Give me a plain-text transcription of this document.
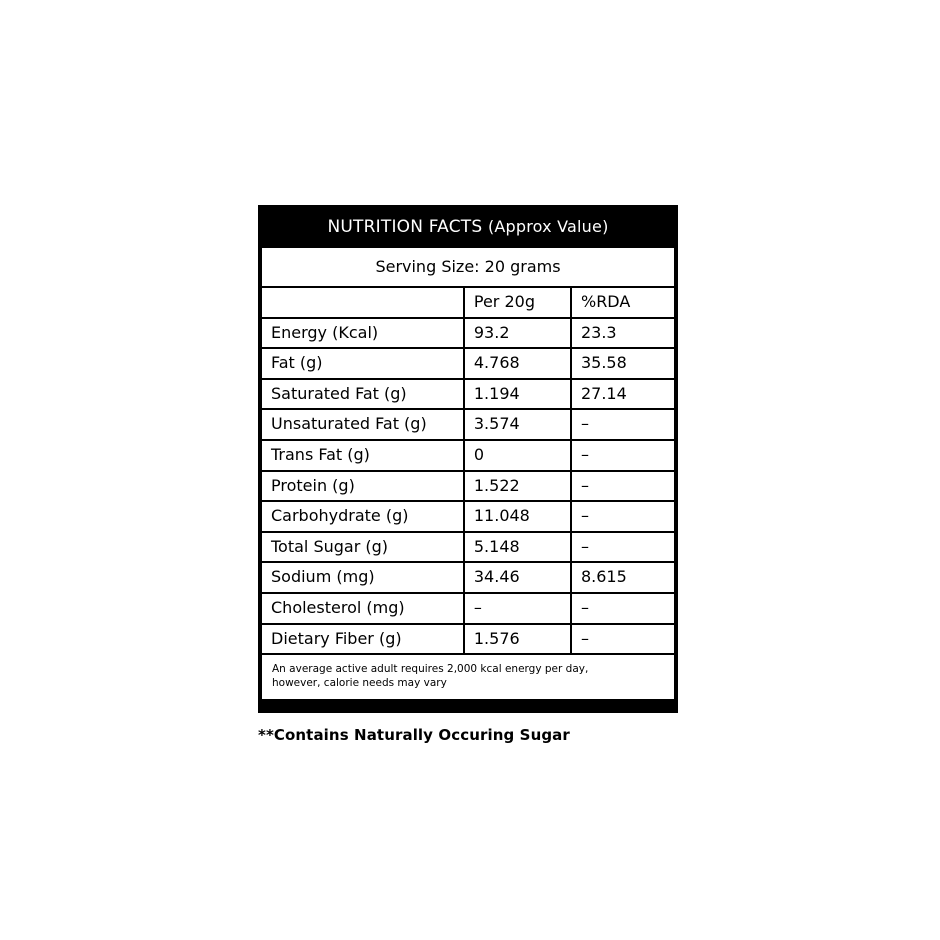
NUTRITION FACTS (Approx Value)
Serving Size: 20 grams
	Per 20g	%RDA
Energy (Kcal)	93.2	23.3
Fat (g)	4.768	35.58
Saturated Fat (g)	1.194	27.14
Unsaturated Fat (g)	3.574	–
Trans Fat (g)	0	–
Protein (g)	1.522	–
Carbohydrate (g)	11.048	–
Total Sugar (g)	5.148	–
Sodium (mg)	34.46	8.615
Cholesterol (mg)	–	–
Dietary Fiber (g)	1.576	–
An average active adult requires 2,000 kcal energy per day,
however, calorie needs may vary
**Contains Naturally Occuring Sugar
